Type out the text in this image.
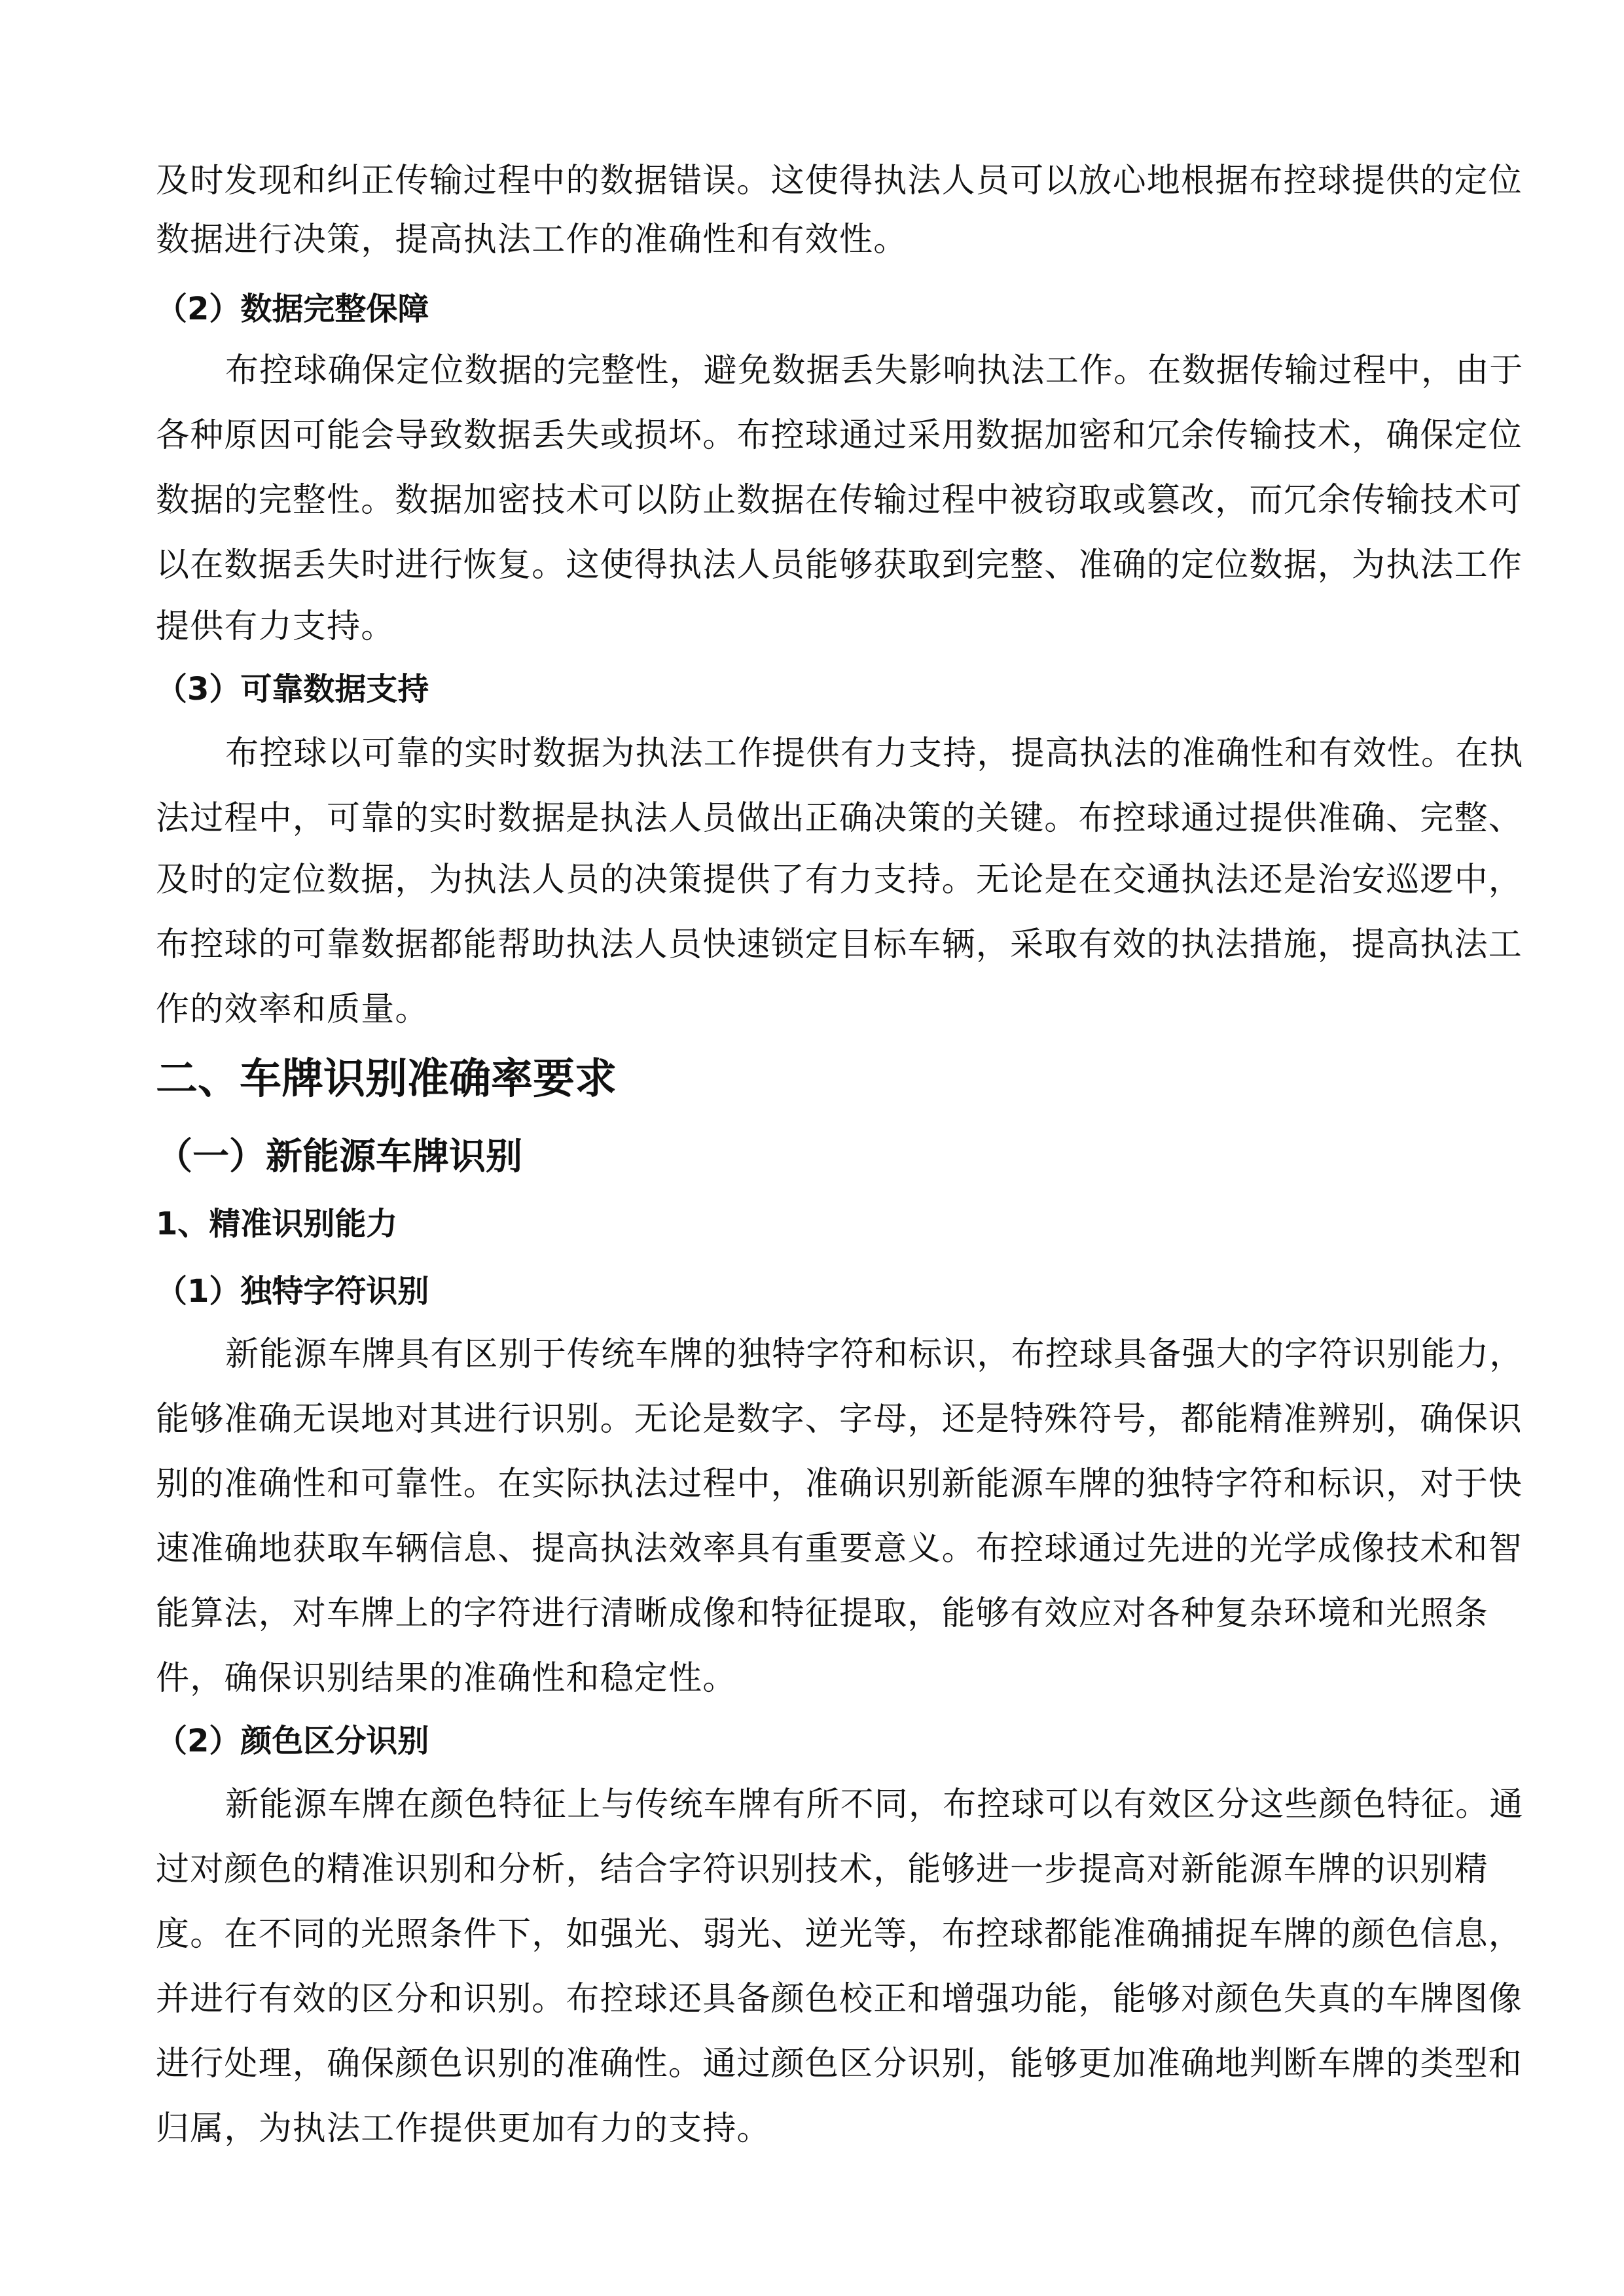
及时发现和纠正传输过程中的数据错误。这使得执法人员可以放心地根据布控球提供的定位
数据进行决策，提高执法工作的准确性和有效性。
（2）数据完整保障
布控球确保定位数据的完整性，避免数据丢失影响执法工作。在数据传输过程中，由于
各种原因可能会导致数据丢失或损坏。布控球通过采用数据加密和冗余传输技术，确保定位
数据的完整性。数据加密技术可以防止数据在传输过程中被窃取或篡改，而冗余传输技术可
以在数据丢失时进行恢复。这使得执法人员能够获取到完整、准确的定位数据，为执法工作
提供有力支持。
（3）可靠数据支持
布控球以可靠的实时数据为执法工作提供有力支持，提高执法的准确性和有效性。在执
法过程中，可靠的实时数据是执法人员做出正确决策的关键。布控球通过提供准确、完整、
及时的定位数据，为执法人员的决策提供了有力支持。无论是在交通执法还是治安巡逻中，
布控球的可靠数据都能帮助执法人员快速锁定目标车辆，采取有效的执法措施，提高执法工
作的效率和质量。
二、车牌识别准确率要求
（一）新能源车牌识别
1、精准识别能力
（1）独特字符识别
新能源车牌具有区别于传统车牌的独特字符和标识，布控球具备强大的字符识别能力，
能够准确无误地对其进行识别。无论是数字、字母，还是特殊符号，都能精准辨别，确保识
别的准确性和可靠性。在实际执法过程中，准确识别新能源车牌的独特字符和标识，对于快
速准确地获取车辆信息、提高执法效率具有重要意义。布控球通过先进的光学成像技术和智
能算法，对车牌上的字符进行清晰成像和特征提取，能够有效应对各种复杂环境和光照条
件，确保识别结果的准确性和稳定性。
（2）颜色区分识别
新能源车牌在颜色特征上与传统车牌有所不同，布控球可以有效区分这些颜色特征。通
过对颜色的精准识别和分析，结合字符识别技术，能够进一步提高对新能源车牌的识别精
度。在不同的光照条件下，如强光、弱光、逆光等，布控球都能准确捕捉车牌的颜色信息，
并进行有效的区分和识别。布控球还具备颜色校正和增强功能，能够对颜色失真的车牌图像
进行处理，确保颜色识别的准确性。通过颜色区分识别，能够更加准确地判断车牌的类型和
归属，为执法工作提供更加有力的支持。
